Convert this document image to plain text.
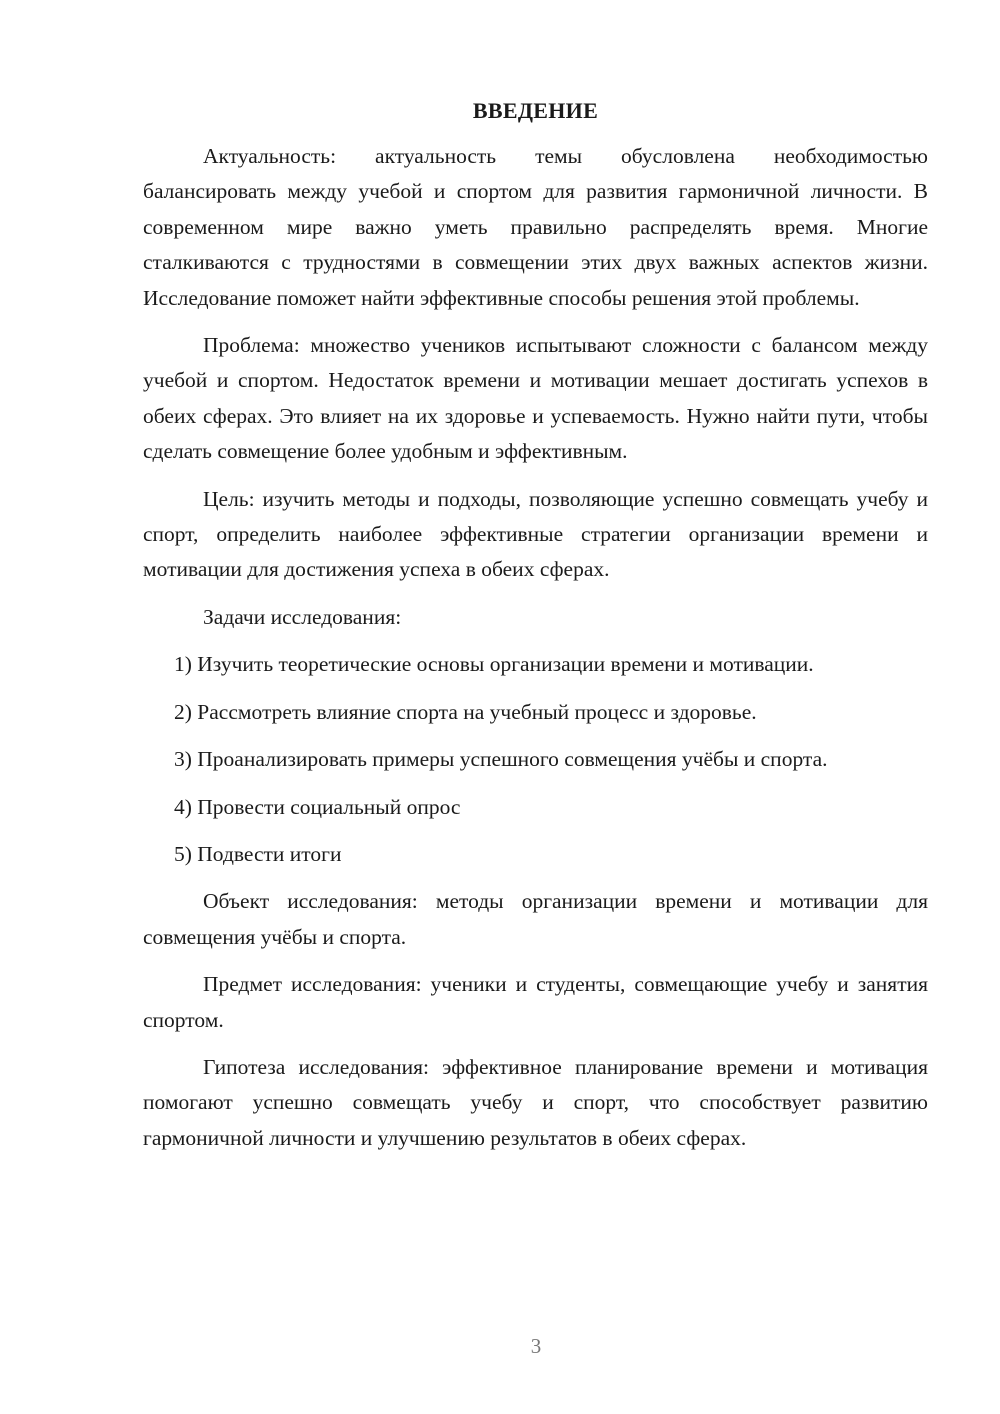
ВВЕДЕНИЕ

Актуальность: актуальность темы обусловлена необходимостью балансировать между учебой и спортом для развития гармоничной личности. В современном мире важно уметь правильно распределять время. Многие сталкиваются с трудностями в совмещении этих двух важных аспектов жизни. Исследование поможет найти эффективные способы решения этой проблемы.

Проблема: множество учеников испытывают сложности с балансом между учебой и спортом. Недостаток времени и мотивации мешает достигать успехов в обеих сферах. Это влияет на их здоровье и успеваемость. Нужно найти пути, чтобы сделать совмещение более удобным и эффективным.

Цель: изучить методы и подходы, позволяющие успешно совмещать учебу и спорт, определить наиболее эффективные стратегии организации времени и мотивации для достижения успеха в обеих сферах.

Задачи исследования:

1) Изучить теоретические основы организации времени и мотивации.

2) Рассмотреть влияние спорта на учебный процесс и здоровье.

3) Проанализировать примеры успешного совмещения учёбы и спорта.

4) Провести социальный опрос

5) Подвести итоги

Объект исследования: методы организации времени и мотивации для совмещения учёбы и спорта.

Предмет исследования: ученики и студенты, совмещающие учебу и занятия спортом.

Гипотеза исследования: эффективное планирование времени и мотивация помогают успешно совмещать учебу и спорт, что способствует развитию гармоничной личности и улучшению результатов в обеих сферах.

3
